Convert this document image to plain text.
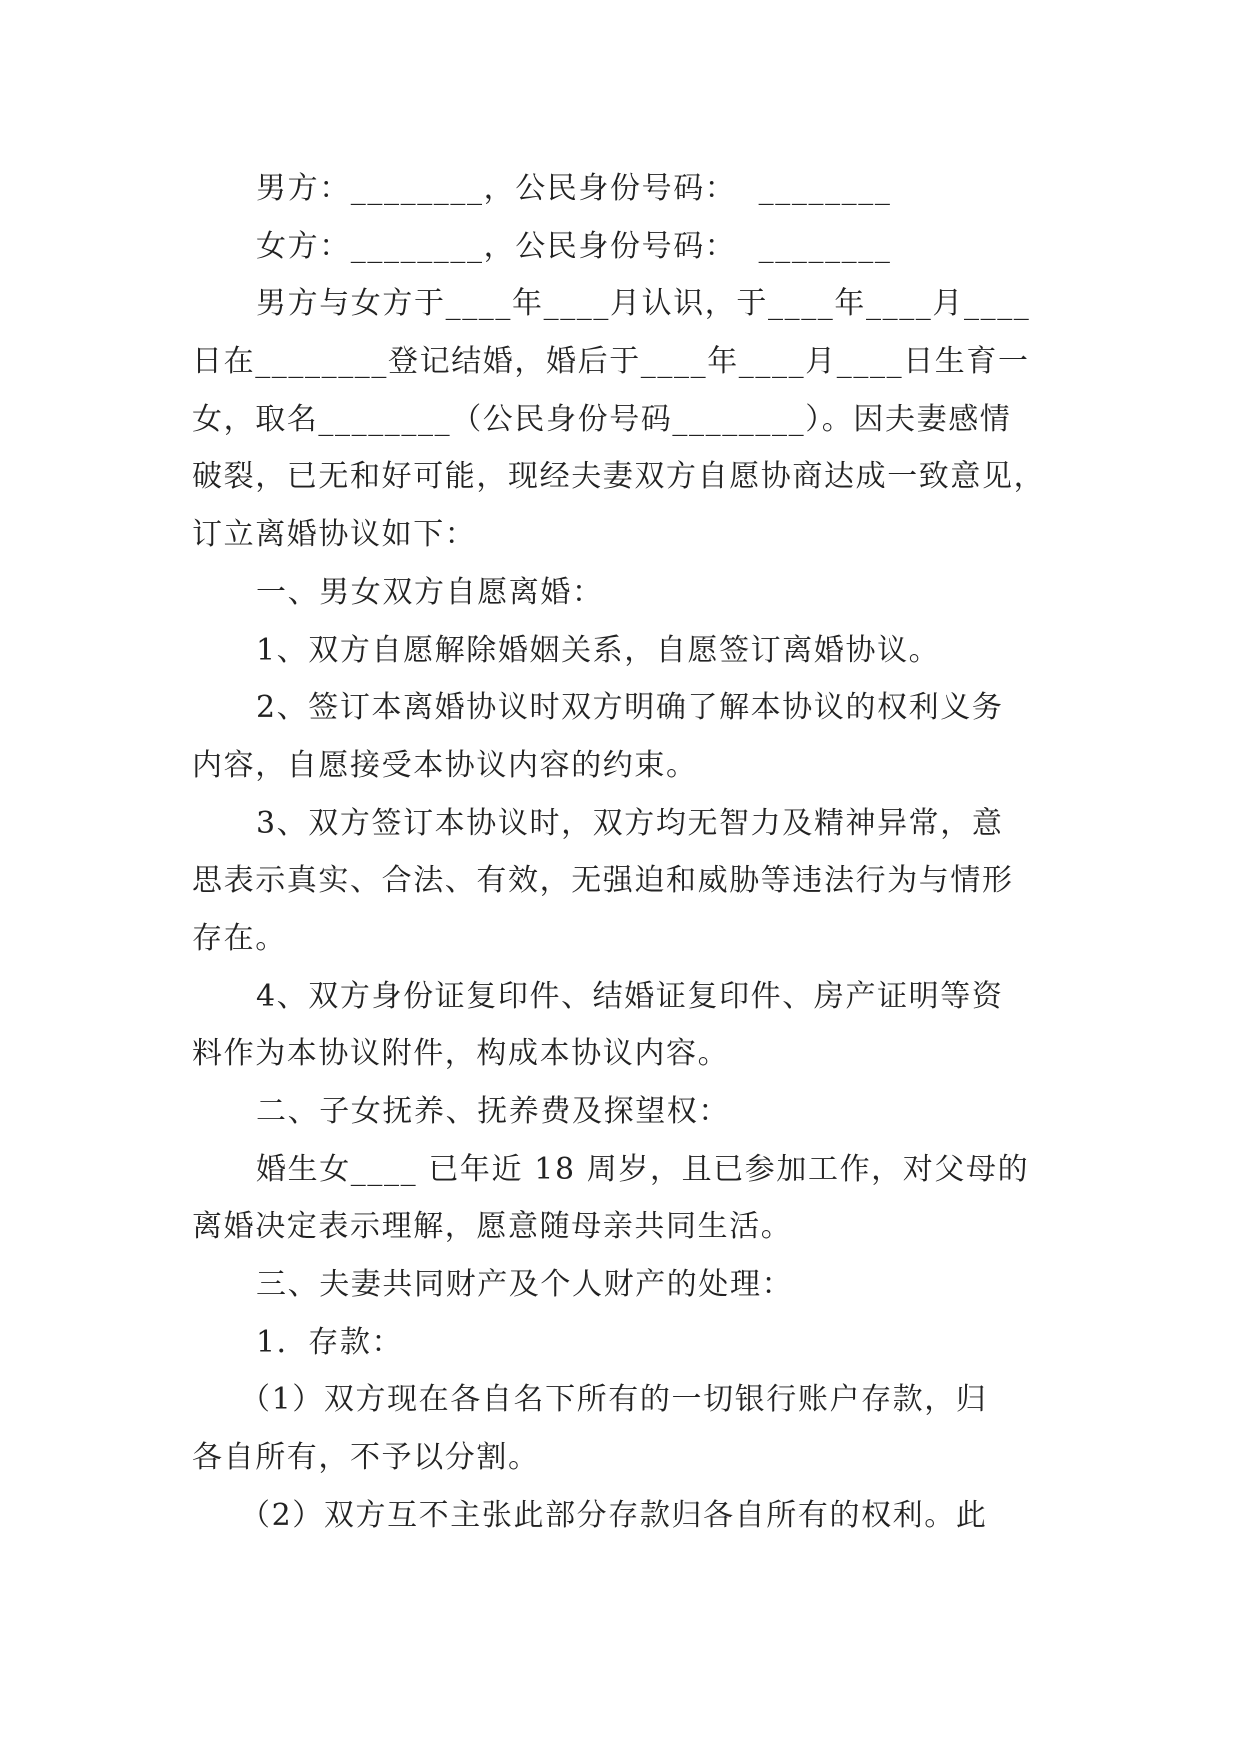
男方：________，公民身份号码：  ________
女方：________，公民身份号码：  ________
男方与女方于____年____月认识，于____年____月____
日在________登记结婚，婚后于____年____月____日生育一
女，取名________（公民身份号码________）。因夫妻感情
破裂，已无和好可能，现经夫妻双方自愿协商达成一致意见，
订立离婚协议如下：
一、男女双方自愿离婚：
1、双方自愿解除婚姻关系，自愿签订离婚协议。
2、签订本离婚协议时双方明确了解本协议的权利义务
内容，自愿接受本协议内容的约束。
3、双方签订本协议时，双方均无智力及精神异常，意
思表示真实、合法、有效，无强迫和威胁等违法行为与情形
存在。
4、双方身份证复印件、结婚证复印件、房产证明等资
料作为本协议附件，构成本协议内容。
二、子女抚养、抚养费及探望权：
婚生女____ 已年近 18 周岁，且已参加工作，对父母的
离婚决定表示理解，愿意随母亲共同生活。
三、夫妻共同财产及个人财产的处理：
1．存款：
（1）双方现在各自名下所有的一切银行账户存款，归
各自所有，不予以分割。
（2）双方互不主张此部分存款归各自所有的权利。此
